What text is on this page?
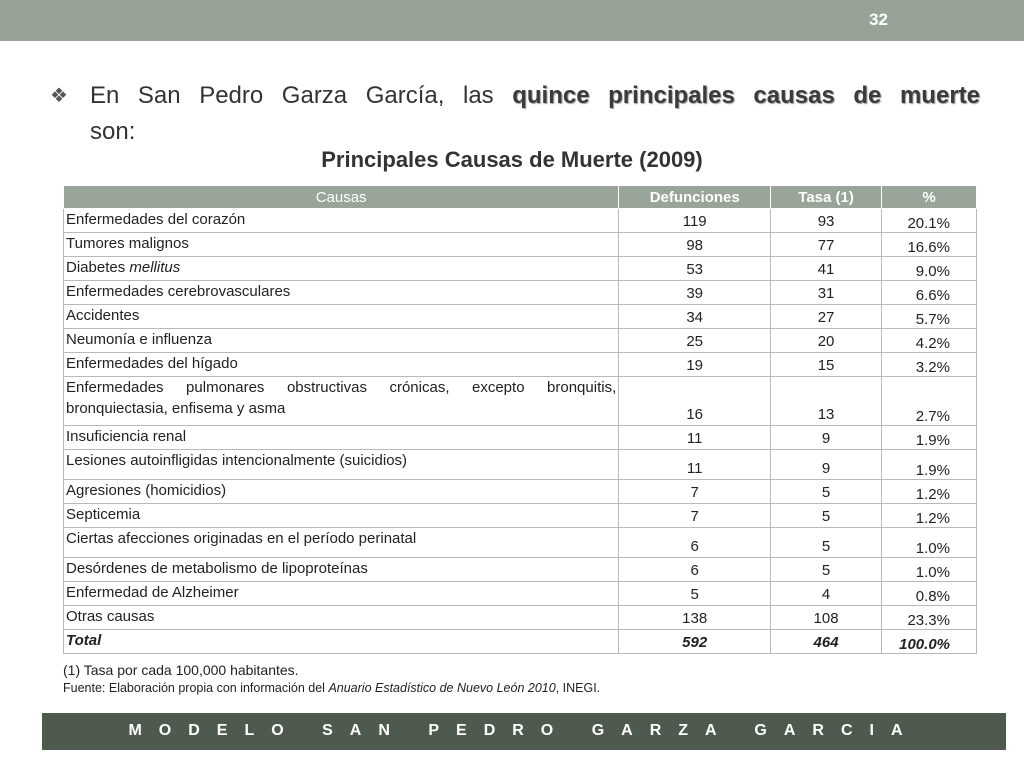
32
❖ En San Pedro Garza García, las quince principales causas de muerte
son:
Principales Causas de Muerte (2009)
Causas	Defunciones	Tasa (1)	%
Enfermedades del corazón	119	93	20.1%
Tumores malignos	98	77	16.6%
Diabetes mellitus	53	41	9.0%
Enfermedades cerebrovasculares	39	31	6.6%
Accidentes	34	27	5.7%
Neumonía e influenza	25	20	4.2%
Enfermedades del hígado	19	15	3.2%
Enfermedades pulmonares obstructivas crónicas, excepto bronquitis, bronquiectasia, enfisema y asma	16	13	2.7%
Insuficiencia renal	11	9	1.9%
Lesiones autoinfligidas intencionalmente (suicidios)	11	9	1.9%
Agresiones (homicidios)	7	5	1.2%
Septicemia	7	5	1.2%
Ciertas afecciones originadas en el período perinatal	6	5	1.0%
Desórdenes de metabolismo de lipoproteínas	6	5	1.0%
Enfermedad de Alzheimer	5	4	0.8%
Otras causas	138	108	23.3%
Total	592	464	100.0%
(1) Tasa por cada 100,000 habitantes.
Fuente: Elaboración propia con información del Anuario Estadístico de Nuevo León 2010, INEGI.
MODELO SAN PEDRO GARZA GARCIA
